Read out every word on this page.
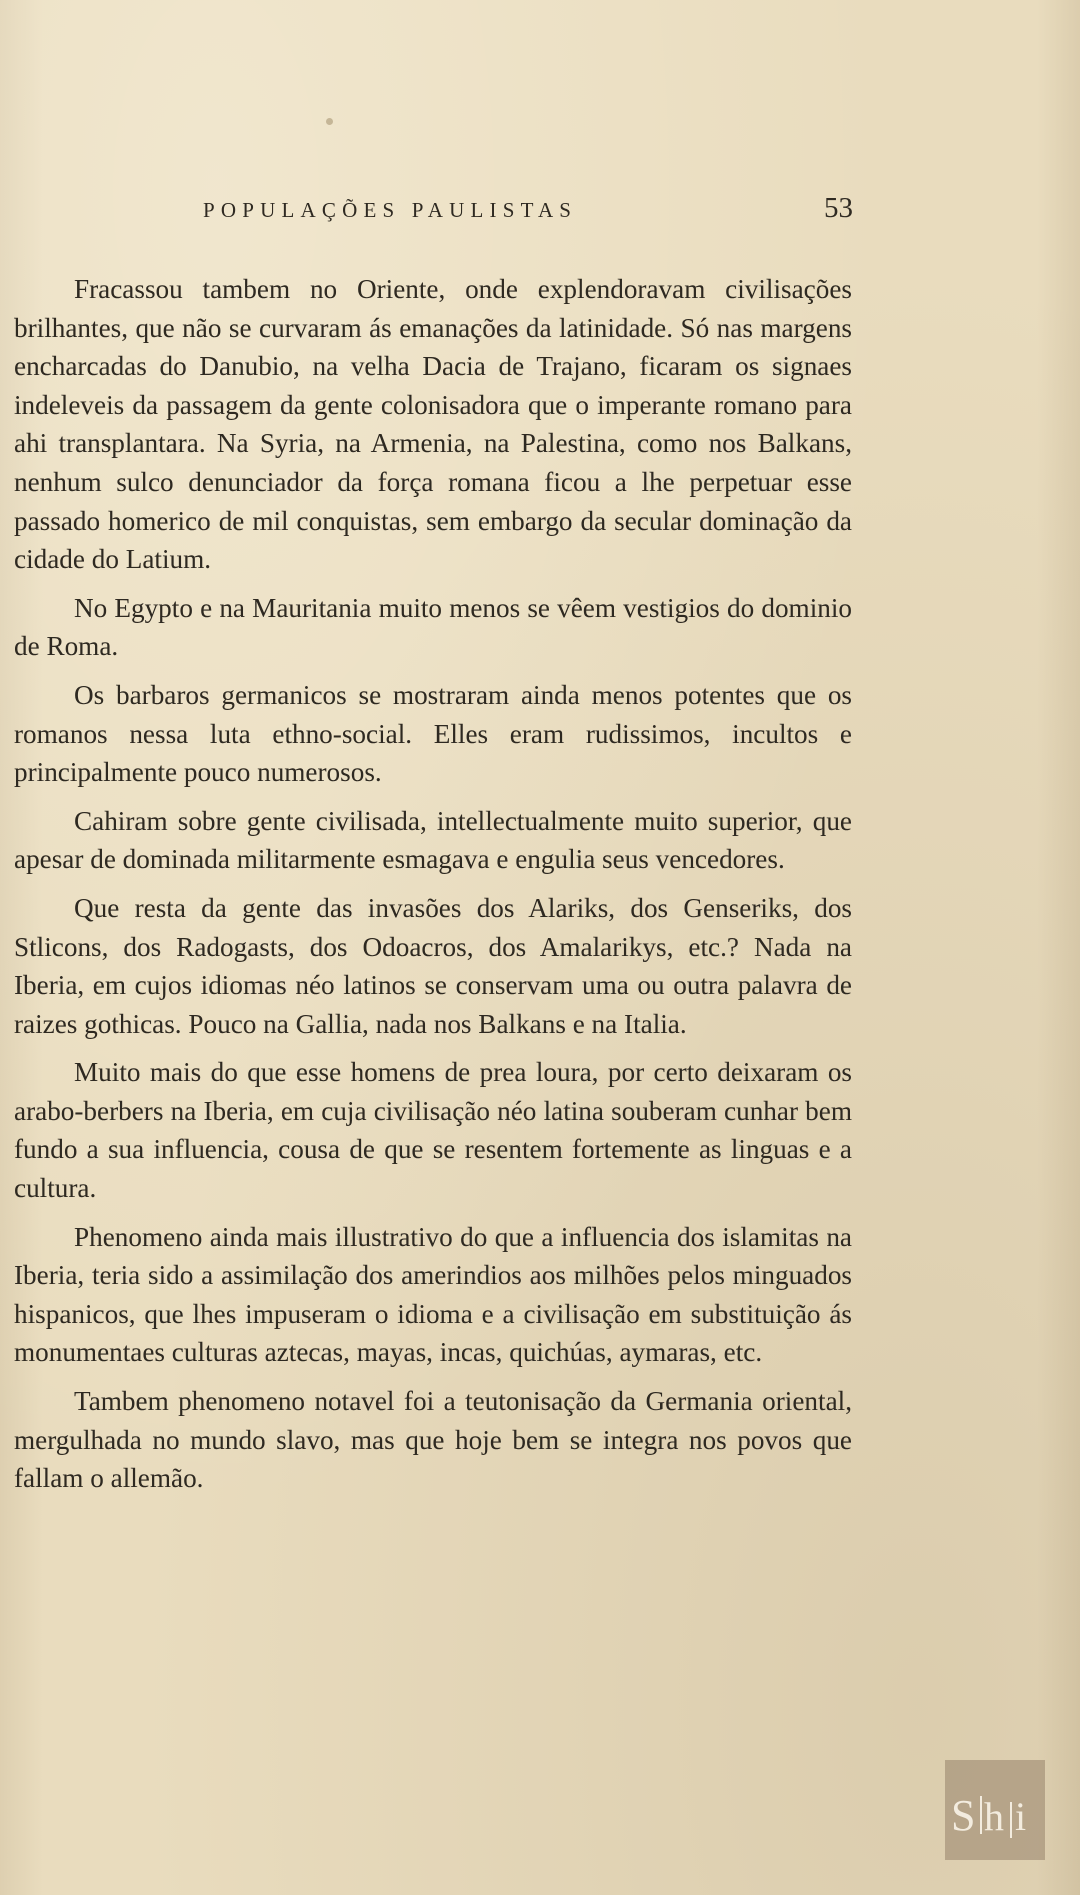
POPULAÇÕES PAULISTAS	53

Fracassou tambem no Oriente, onde explendoravam civilisações brilhantes, que não se curvaram ás emanações da latinidade. Só nas margens encharcadas do Danubio, na velha Dacia de Trajano, ficaram os signaes indeleveis da passagem da gente colonisadora que o imperante romano para ahi transplantara. Na Syria, na Armenia, na Palestina, como nos Balkans, nenhum sulco denunciador da força romana ficou a lhe perpetuar esse passado homerico de mil conquistas, sem embargo da secular dominação da cidade do Latium.

No Egypto e na Mauritania muito menos se vêem vestigios do dominio de Roma.

Os barbaros germanicos se mostraram ainda menos potentes que os romanos nessa luta ethno-social. Elles eram rudissimos, incultos e principalmente pouco numerosos.

Cahiram sobre gente civilisada, intellectualmente muito superior, que apesar de dominada militarmente esmagava e engulia seus vencedores.

Que resta da gente das invasões dos Alariks, dos Genseriks, dos Stlicons, dos Radogasts, dos Odoacros, dos Amalarikys, etc.? Nada na Iberia, em cujos idiomas néo latinos se conservam uma ou outra palavra de raizes gothicas. Pouco na Gallia, nada nos Balkans e na Italia.

Muito mais do que esse homens de prea loura, por certo deixaram os arabo-berbers na Iberia, em cuja civilisação néo latina souberam cunhar bem fundo a sua influencia, cousa de que se resentem fortemente as linguas e a cultura.

Phenomeno ainda mais illustrativo do que a influencia dos islamitas na Iberia, teria sido a assimilação dos amerindios aos milhões pelos minguados hispanicos, que lhes impuseram o idioma e a civilisação em substituição ás monumentaes culturas aztecas, mayas, incas, quichúas, aymaras, etc.

Tambem phenomeno notavel foi a teutonisação da Germania oriental, mergulhada no mundo slavo, mas que hoje bem se integra nos povos que fallam o allemão.

S h i
